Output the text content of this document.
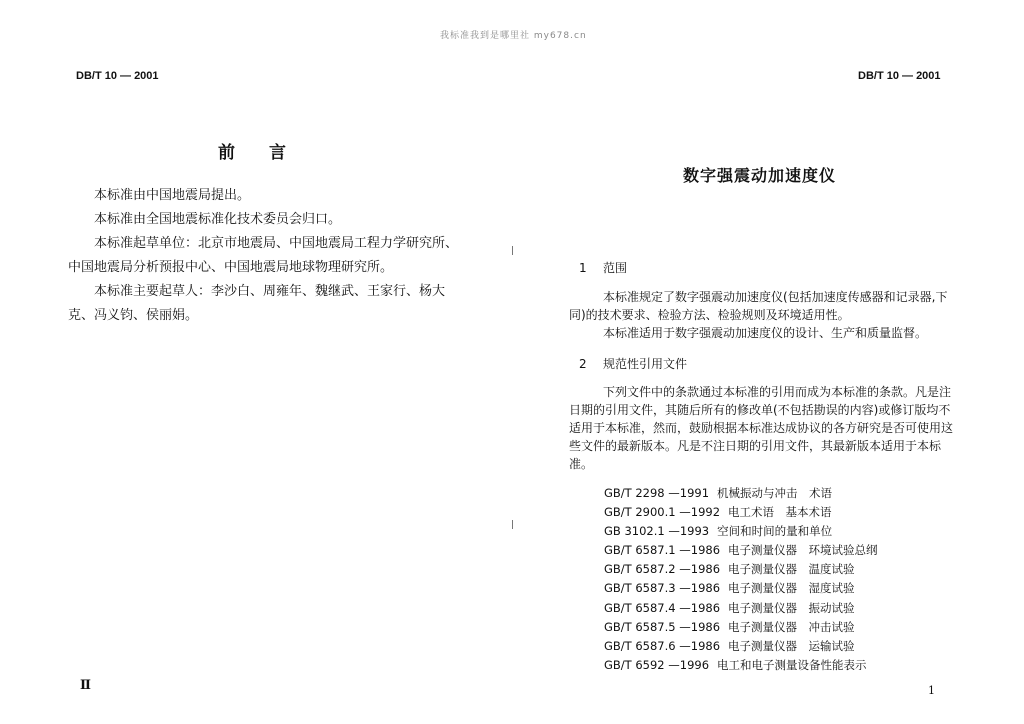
我标准我到是哪里社 my678.cn
DB/T 10 — 2001
前言

本标准由中国地震局提出。

本标准由全国地震标准化技术委员会归口。

本标准起草单位：北京市地震局、中国地震局工程力学研究所、中国地震局分析预报中心、中国地震局地球物理研究所。

本标准主要起草人：李沙白、周雍年、魏继武、王家行、杨大克、冯义钧、侯丽娟。

Ⅱ
DB/T 10 — 2001
数字强震动加速度仪
1 范围

本标准规定了数字强震动加速度仪(包括加速度传感器和记录器,下同)的技术要求、检验方法、检验规则及环境适用性。

本标准适用于数字强震动加速度仪的设计、生产和质量监督。

2 规范性引用文件

下列文件中的条款通过本标准的引用而成为本标准的条款。凡是注日期的引用文件，其随后所有的修改单(不包括勘误的内容)或修订版均不适用于本标准，然而，鼓励根据本标准达成协议的各方研究是否可使用这些文件的最新版本。凡是不注日期的引用文件，其最新版本适用于本标准。

GB/T 2298 —1991 机械振动与冲击　术语
GB/T 2900.1 —1992 电工术语　基本术语
GB 3102.1 —1993 空间和时间的量和单位
GB/T 6587.1 —1986 电子测量仪器　环境试验总纲
GB/T 6587.2 —1986 电子测量仪器　温度试验
GB/T 6587.3 —1986 电子测量仪器　湿度试验
GB/T 6587.4 —1986 电子测量仪器　振动试验
GB/T 6587.5 —1986 电子测量仪器　冲击试验
GB/T 6587.6 —1986 电子测量仪器　运输试验
GB/T 6592 —1996 电工和电子测量设备性能表示
1
